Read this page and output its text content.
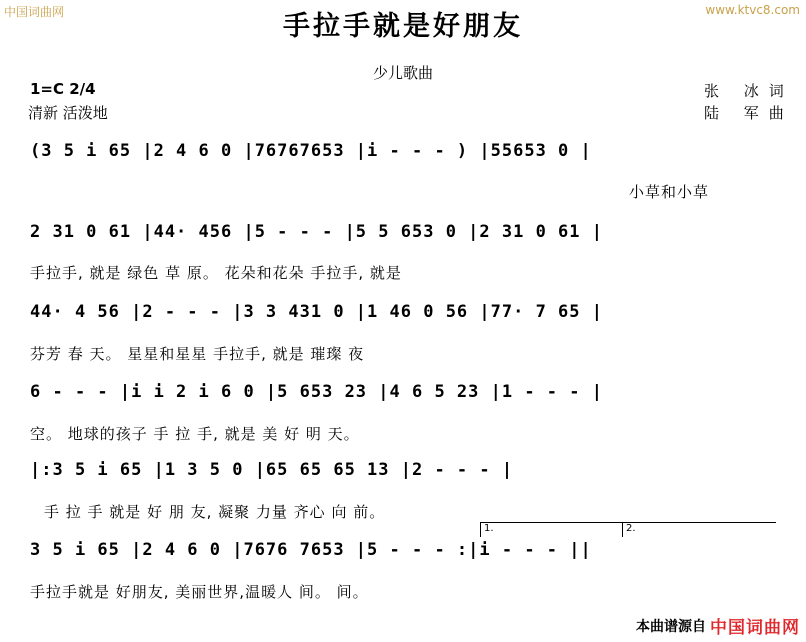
中国词曲网	www.ktvc8.com
手拉手就是好朋友
少儿歌曲
1=C 2/4
清新 活泼地
张 冰词
陆 军曲
(3 5 i 65 |2 4 6 0 |76767653 |i - - - ) |55653 0 |
小草和小草
2 31 0 61 |44· 456 |5 - - - |5 5 653 0 |2 31 0 61 |
手拉手, 就是 绿色 草 原。 花朵和花朵 手拉手, 就是
44· 4 56 |2 - - - |3 3 431 0 |1 46 0 56 |77· 7 65 |
芬芳 春 天。 星星和星星 手拉手, 就是 璀璨 夜
6 - - - |i i 2 i 6 0 |5 653 23 |4 6 5 23 |1 - - - |
空。 地球的孩子 手 拉 手, 就是 美 好 明 天。
|:3 5 i 65 |1 3 5 0 |65 65 65 13 |2 - - - |
手 拉 手 就是 好 朋 友, 凝聚 力量 齐心 向 前。
1.	2.
3 5 i 65 |2 4 6 0 |7676 7653 |5 - - - :|i - - - ||
手拉手就是 好朋友, 美丽世界,温暖人 间。 间。
本曲谱源自 中国词曲网
